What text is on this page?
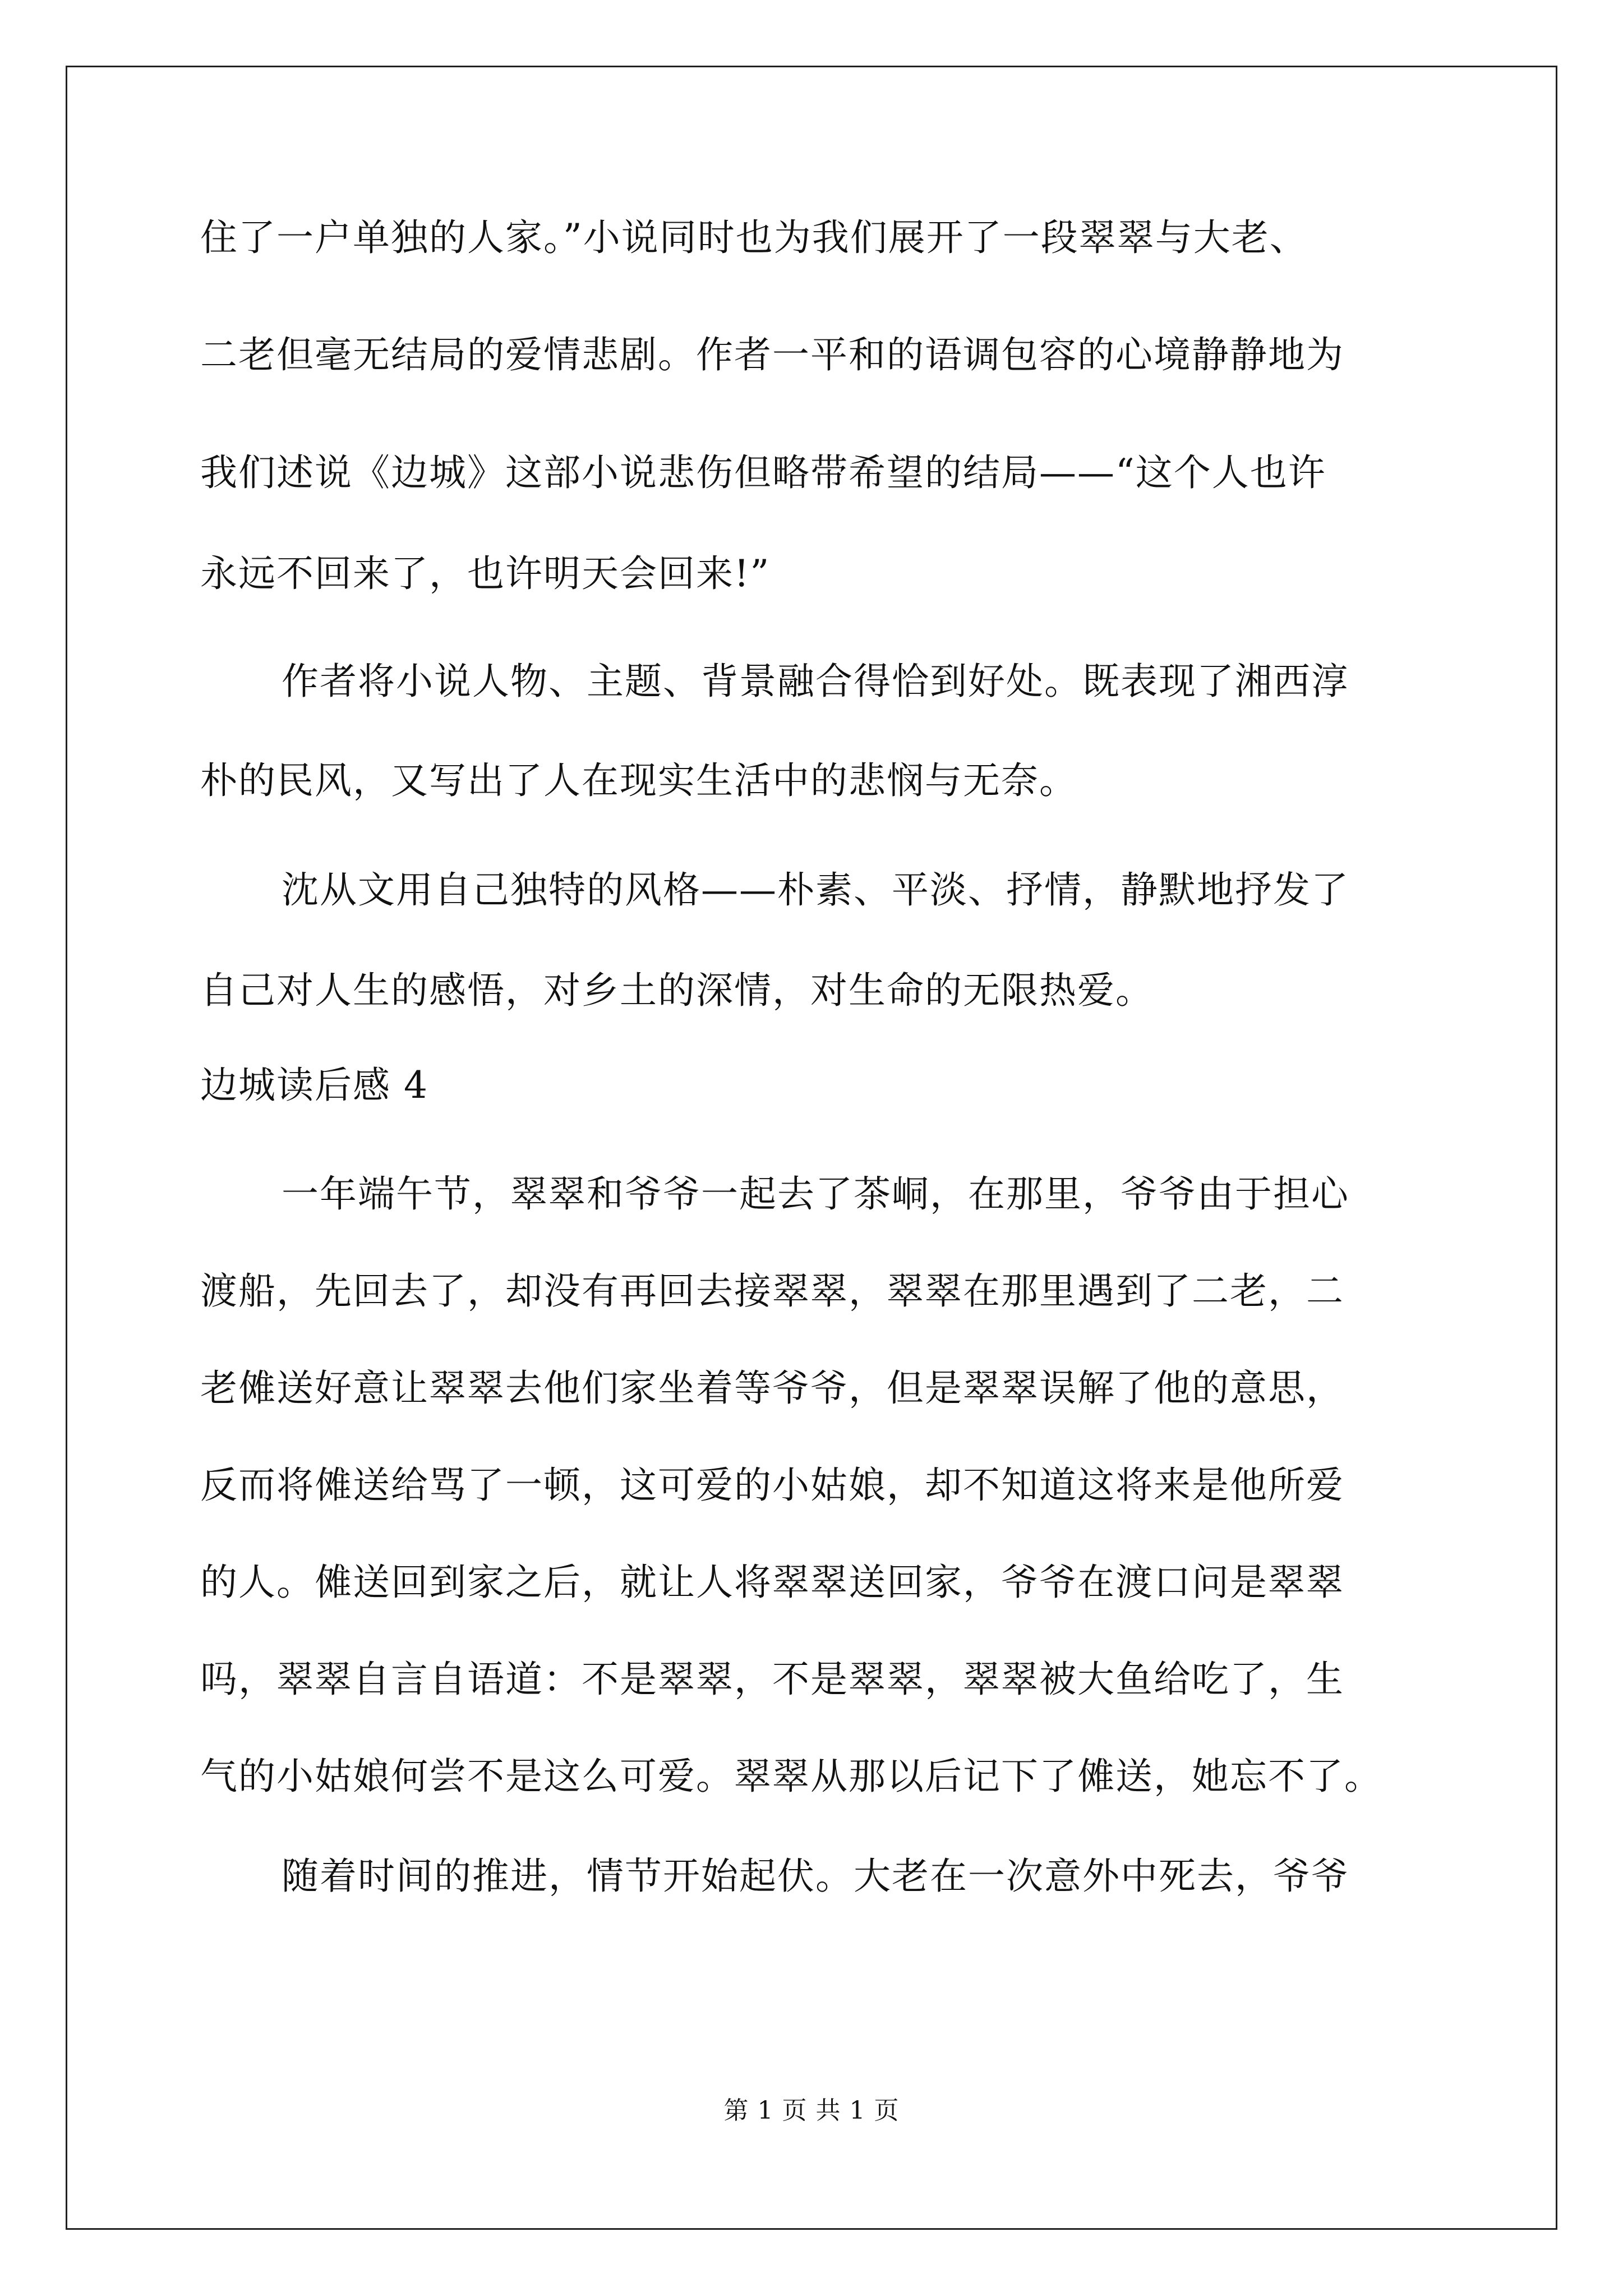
住了一户单独的人家。”小说同时也为我们展开了一段翠翠与大老、
二老但毫无结局的爱情悲剧。作者一平和的语调包容的心境静静地为
我们述说《边城》这部小说悲伤但略带希望的结局——“这个人也许
永远不回来了，也许明天会回来!”
作者将小说人物、主题、背景融合得恰到好处。既表现了湘西淳
朴的民风，又写出了人在现实生活中的悲悯与无奈。
沈从文用自己独特的风格——朴素、平淡、抒情，静默地抒发了
自己对人生的感悟，对乡土的深情，对生命的无限热爱。
边城读后感 4
一年端午节，翠翠和爷爷一起去了茶峒，在那里，爷爷由于担心
渡船，先回去了，却没有再回去接翠翠，翠翠在那里遇到了二老，二
老傩送好意让翠翠去他们家坐着等爷爷，但是翠翠误解了他的意思，
反而将傩送给骂了一顿，这可爱的小姑娘，却不知道这将来是他所爱
的人。傩送回到家之后，就让人将翠翠送回家，爷爷在渡口问是翠翠
吗，翠翠自言自语道：不是翠翠，不是翠翠，翠翠被大鱼给吃了，生
气的小姑娘何尝不是这么可爱。翠翠从那以后记下了傩送，她忘不了。
随着时间的推进，情节开始起伏。大老在一次意外中死去，爷爷
第 1 页 共 1 页
